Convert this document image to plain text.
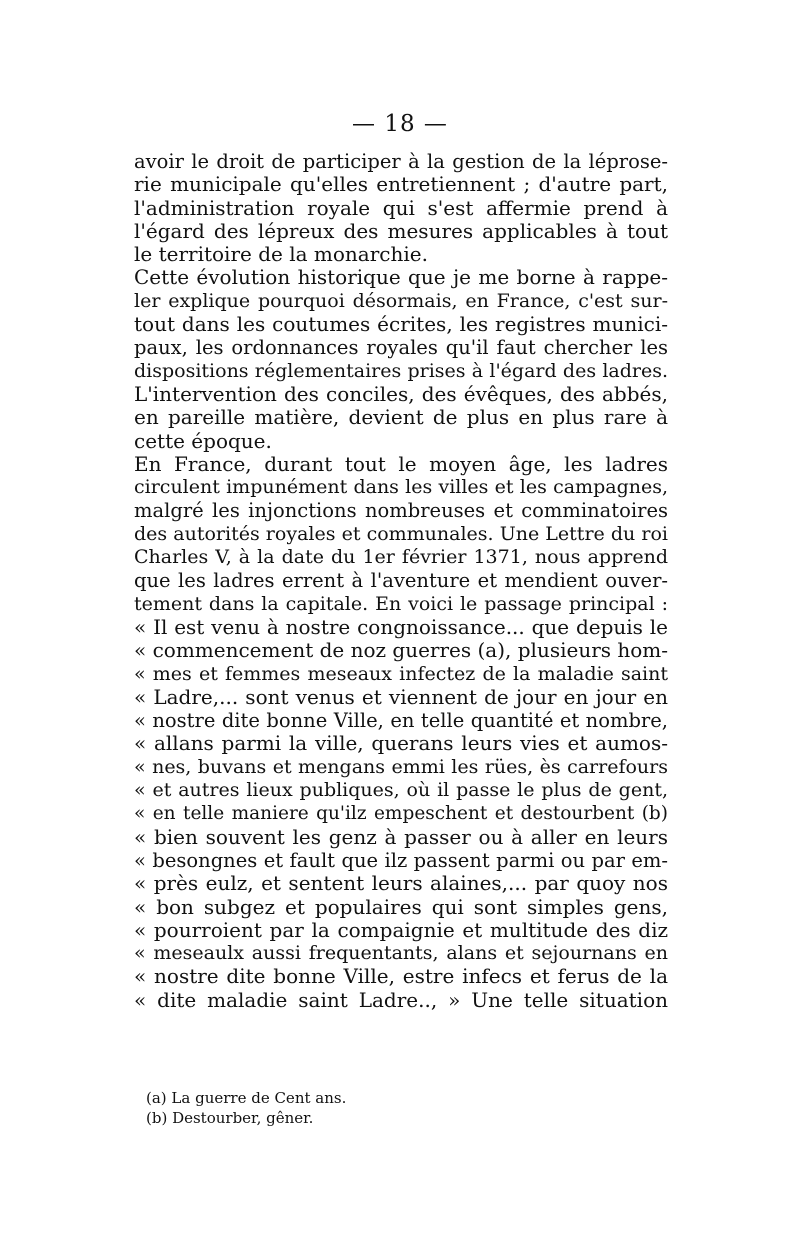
— 18 —
avoir le droit de participer à la gestion de la léprose-
rie municipale qu'elles entretiennent ; d'autre part,
l'administration royale qui s'est affermie prend à
l'égard des lépreux des mesures applicables à tout
le territoire de la monarchie.
Cette évolution historique que je me borne à rappe-
ler explique pourquoi désormais, en France, c'est sur-
tout dans les coutumes écrites, les registres munici-
paux, les ordonnances royales qu'il faut chercher les
dispositions réglementaires prises à l'égard des ladres.
L'intervention des conciles, des évêques, des abbés,
en pareille matière, devient de plus en plus rare à
cette époque.
En France, durant tout le moyen âge, les ladres
circulent impunément dans les villes et les campagnes,
malgré les injonctions nombreuses et comminatoires
des autorités royales et communales. Une Lettre du roi
Charles V, à la date du 1er février 1371, nous apprend
que les ladres errent à l'aventure et mendient ouver-
tement dans la capitale. En voici le passage principal :
« Il est venu à nostre congnoissance... que depuis le
« commencement de noz guerres (a), plusieurs hom-
« mes et femmes meseaux infectez de la maladie saint
« Ladre,... sont venus et viennent de jour en jour en
« nostre dite bonne Ville, en telle quantité et nombre,
« allans parmi la ville, querans leurs vies et aumos-
« nes, buvans et mengans emmi les rües, ès carrefours
« et autres lieux publiques, où il passe le plus de gent,
« en telle maniere qu'ilz empeschent et destourbent (b)
« bien souvent les genz à passer ou à aller en leurs
« besongnes et fault que ilz passent parmi ou par em-
« près eulz, et sentent leurs alaines,... par quoy nos
« bon subgez et populaires qui sont simples gens,
« pourroient par la compaignie et multitude des diz
« meseaulx aussi frequentants, alans et sejournans en
« nostre dite bonne Ville, estre infecs et ferus de la
« dite maladie saint Ladre.., » Une telle situation
(a) La guerre de Cent ans.
(b) Destourber, gêner.
